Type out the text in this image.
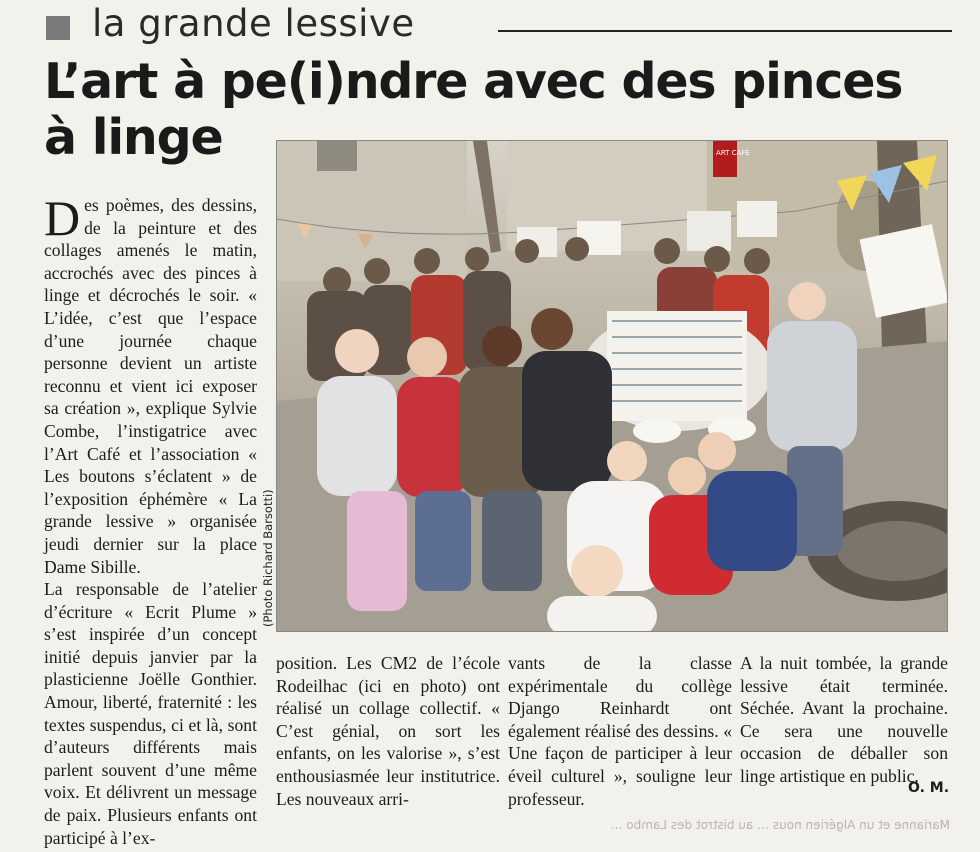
la grande lessive
L’art à pe(i)ndre avec des pinces à linge

Des poèmes, des dessins, de la peinture et des collages amenés le matin, accrochés avec des pinces à linge et décrochés le soir. « L’idée, c’est que l’espace d’une journée chaque personne devient un artiste reconnu et vient ici exposer sa création », explique Sylvie Combe, l’instigatrice avec l’Art Café et l’association « Les boutons s’éclatent » de l’exposition éphémère « La grande lessive » organisée jeudi dernier sur la place Dame Sibille.

La responsable de l’atelier d’écriture « Ecrit Plume » s’est inspirée d’un concept initié depuis janvier par la plasticienne Joëlle Gonthier. Amour, liberté, fraternité : les textes suspendus, ci et là, sont d’auteurs différents mais parlent souvent d’une même voix. Et délivrent un message de paix. Plusieurs enfants ont participé à l’ex-

(Photo Richard Barsotti)
ART CAFÉ

position. Les CM2 de l’école Rodeilhac (ici en photo) ont réalisé un collage collectif. « C’est génial, on sort les enfants, on les valorise », s’est enthousiasmée leur institutrice. Les nouveaux arri-

vants de la classe expérimentale du collège Django Reinhardt ont également réalisé des dessins. « Une façon de participer à leur éveil culturel », souligne leur professeur.

A la nuit tombée, la grande lessive était terminée. Séchée. Avant la prochaine. Ce sera une nouvelle occasion de déballer son linge artistique en public.

O. M.
Marianne et un Algérien nous … au bistrot des Lambo …
